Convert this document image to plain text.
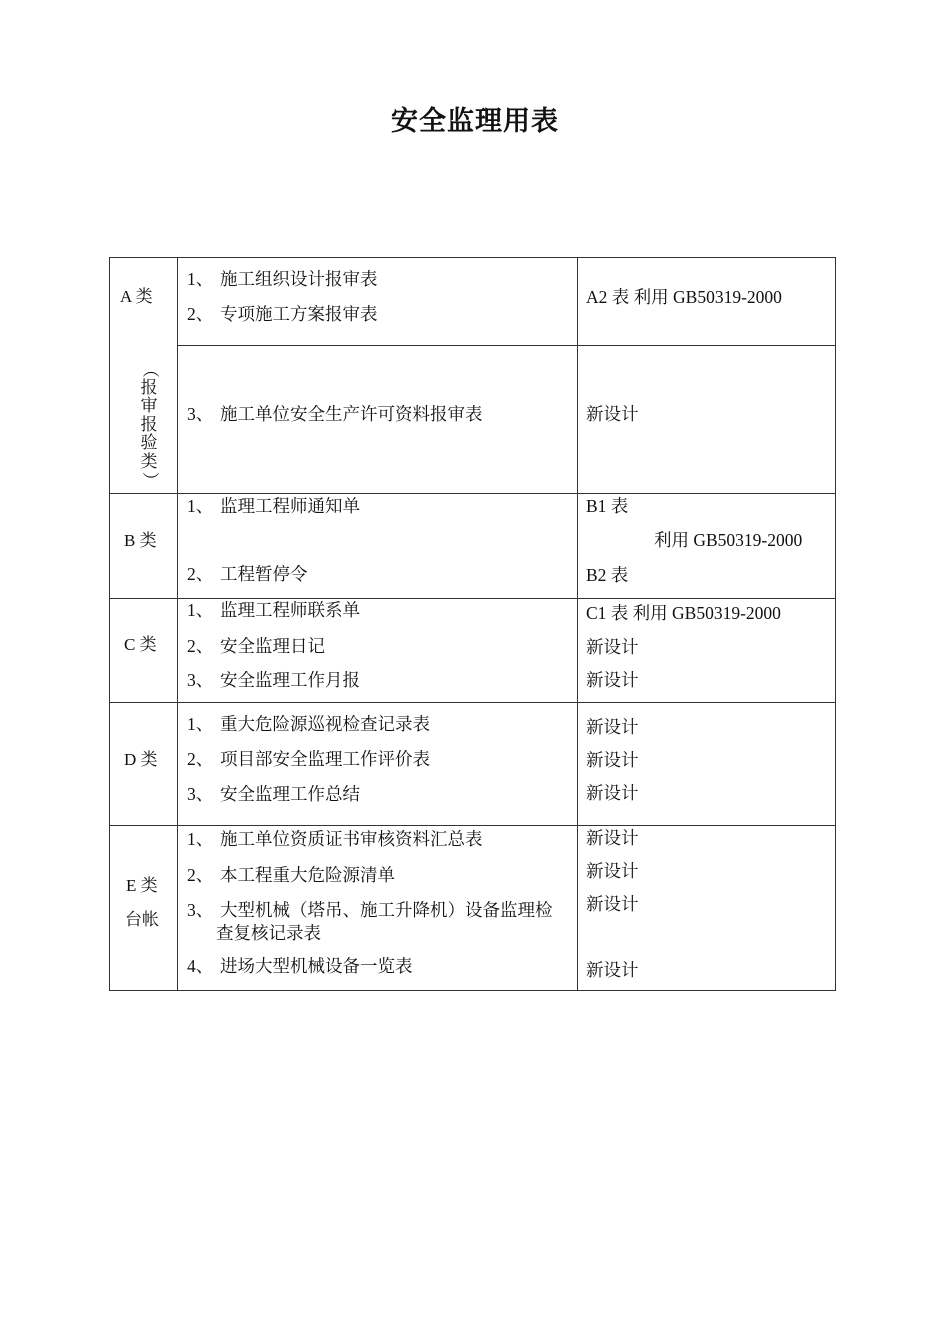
安全监理用表
A 类
（
报
审
报
验
类
）
1、 施工组织设计报审表
2、 专项施工方案报审表
3、 施工单位安全生产许可资料报审表
A2 表 利用 GB50319-2000
新设计
B 类
1、 监理工程师通知单
2、 工程暂停令
B1 表
利用 GB50319-2000
B2 表
C 类
1、 监理工程师联系单
2、 安全监理日记
3、 安全监理工作月报
C1 表 利用 GB50319-2000
新设计
新设计
D 类
1、 重大危险源巡视检查记录表
2、 项目部安全监理工作评价表
3、 安全监理工作总结
新设计
新设计
新设计
E 类
台帐
1、 施工单位资质证书审核资料汇总表
2、 本工程重大危险源清单
3、 大型机械（塔吊、施工升降机）设备监理检
查复核记录表
4、 进场大型机械设备一览表
新设计
新设计
新设计
新设计
